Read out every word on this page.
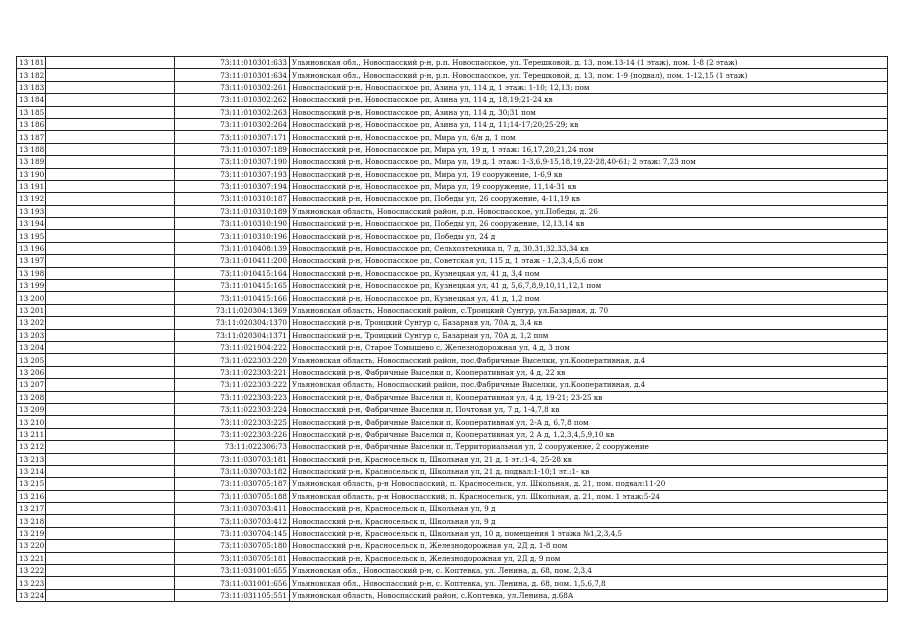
13 181		73:11:010301:633	Ульяновская обл., Новоспасский р-н, р.п. Новоспасское, ул. Терешковой, д. 13, пом.13-14 (1 этаж), пом. 1-8 (2 этаж)
13 182		73:11:010301:634	Ульяновская обл., Новоспасский р-н, р.п. Новоспасское, ул. Терешковой, д. 13, пом. 1-9 (подвал), пом. 1-12,15 (1 этаж)
13 183		73:11:010302:261	Новоспасский р-н, Новоспасское рп, Азина ул, 114 д, 1 этаж: 1-10; 12,13; пом
13 184		73:11:010302:262	Новоспасский р-н, Новоспасское рп, Азина ул, 114 д, 18,19;21-24 кв
13 185		73:11:010302:263	Новоспасский р-н, Новоспасское рп, Азина ул, 114 д, 30;31 пом
13 186		73:11:010302:264	Новоспасский р-н, Новоспасское рп, Азина ул, 114 д, 11;14-17;20;25-29; кв
13 187		73:11:010307:171	Новоспасский р-н, Новоспасское рп, Мира ул, 6/н д, 1 пом
13 188		73:11:010307:189	Новоспасский р-н, Новоспасское рп, Мира ул, 19 д, 1 этаж: 16,17,20,21,24 пом
13 189		73:11:010307:190	Новоспасский р-н, Новоспасское рп, Мира ул, 19 д, 1 этаж: 1-3,6,9-15,18,19,22-28,40-61; 2 этаж: 7,23 пом
13 190		73:11:010307:193	Новоспасский р-н, Новоспасское рп, Мира ул, 19 сооружение, 1-6,9 кв
13 191		73:11:010307:194	Новоспасский р-н, Новоспасское рп, Мира ул, 19 сооружение, 11,14-31 кв
13 192		73:11:010310:187	Новоспасский р-н, Новоспасское рп, Победы ул, 26 сооружение, 4-11,19 кв
13 193		73:11:010310:189	Ульяновская область, Новоспасский район, р.п. Новоспасское, ул.Победы, д. 26
13 194		73:11:010310:190	Новоспасский р-н, Новоспасское рп, Победы ул, 26 сооружение, 12,13,14 кв
13 195		73:11:010310:196	Новоспасский р-н, Новоспасское рп, Победы ул, 24 д
13 196		73:11:010408:139	Новоспасский р-н, Новоспасское рп, Сельхозтехника п, 7 д, 30,31,32,33,34 кв
13 197		73:11:010411:200	Новоспасский р-н, Новоспасское рп, Советская ул, 115 д, 1 этаж - 1,2,3,4,5,6 пом
13 198		73:11:010415:164	Новоспасский р-н, Новоспасское рп, Кузнецкая ул, 41 д, 3,4 пом
13 199		73:11:010415:165	Новоспасский р-н, Новоспасское рп, Кузнецкая ул, 41 д, 5,6,7,8,9,10,11,12,1 пом
13 200		73:11:010415:166	Новоспасский р-н, Новоспасское рп, Кузнецкая ул, 41 д, 1,2 пом
13 201		73:11:020304:1369	Ульяновская область, Новоспасский район, с.Троицкий Сунгур, ул.Базарная, д. 70
13 202		73:11:020304:1370	Новоспасский р-н, Троицкий Сунгур с, Базарная ул, 70А д, 3,4 кв
13 203		73:11:020304:1371	Новоспасский р-н, Троицкий Сунгур с, Базарная ул, 70А д, 1,2 пом
13 204		73:11:021904:222	Новоспасский р-н, Старое Томышево с, Железнодорожная ул, 4 д, 3 пом
13 205		73:11:022303:220	Ульяновская область, Новоспасский район, пос.Фабричные Выселки, ул.Кооперативная, д.4
13 206		73:11:022303:221	Новоспасский р-н, Фабричные Выселки п, Кооперативная ул, 4 д, 22 кв
13 207		73:11:022303:222	Ульяновская область, Новоспасский район, пос.Фабричные Выселки, ул.Кооперативная, д.4
13 208		73:11:022303:223	Новоспасский р-н, Фабричные Выселки п, Кооперативная ул, 4 д, 19-21; 23-25 кв
13 209		73:11:022303:224	Новоспасский р-н, Фабричные Выселки п, Почтовая ул, 7 д, 1-4,7,8 кв
13 210		73:11:022303:225	Новоспасский р-н, Фабричные Выселки п, Кооперативная ул, 2-А д, 6,7,8 пом
13 211		73:11:022303:226	Новоспасский р-н, Фабричные Выселки п, Кооперативная ул, 2 А д, 1,2,3,4,5,9,10 кв
13 212		73:11:022306:73	Новоспасский р-н, Фабричные Выселки п, Территориальная ул, 2 сооружение, 2 сооружение
13 213		73:11:030703:181	Новоспасский р-н, Красносельск п, Школьная ул, 21 д, 1 эт.:1-4, 25-28 кв
13 214		73:11:030703:182	Новоспасский р-н, Красносельск п, Школьная ул, 21 д, подвал:1-10;1 эт.:1- кв
13 215		73:11:030705:187	Ульяновская область, р-н Новоспасский, п. Красносельск, ул. Школьная, д. 21, пом. подвал:11-20
13 216		73:11:030705:188	Ульяновская область, р-н Новоспасский, п. Красносельск, ул. Школьная, д. 21, пом. 1 этаж:5-24
13 217		73:11:030703:411	Новоспасский р-н, Красносельск п, Школьная ул, 9 д
13 218		73:11:030703:412	Новоспасский р-н, Красносельск п, Школьная ул, 9 д
13 219		73:11:030704:145	Новоспасский р-н, Красносельск п, Школьная ул, 10 д, помещения 1 этажа №1,2,3,4,5
13 220		73:11:030705:180	Новоспасский р-н, Красносельск п, Железнодорожная ул, 2Д д, 1-8 пом
13 221		73:11:030705:181	Новоспасский р-н, Красносельск п, Железнодорожная ул, 2Д д, 9 пом
13 222		73:11:031001:655	Ульяновская обл., Новоспасский р-н, с. Коптевка, ул. Ленина, д. 68, пом. 2,3,4
13 223		73:11:031001:656	Ульяновская обл., Новоспасский р-н, с. Коптевка, ул. Ленина, д. 68, пом. 1,5,6,7,8
13 224		73:11:031105:551	Ульяновская область, Новоспасский район, с.Коптевка, ул.Ленина, д.68А
